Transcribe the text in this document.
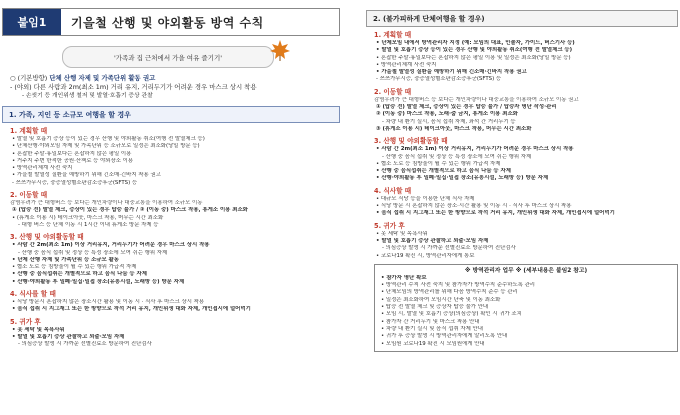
붙임1	기을철 산행 및 야외활동 방역 수칙
'가족과 집 근처에서 가을 여유 즐기기'
○ (기본방향) 단체 산행 자제 및 가족단위 활동 권고
- (야외) 다른 사람과 2m(최소 1m) 거리 유지, 거리두기가 어려운 경우 마스크 상시 착용
- 손씻기 등 개인위생 철저 및 발열·호흡기 증상 관찰
1. 가족, 지인 등 소규모 여행을 할 경우
1. 계획할 때
• 발열 및 호흡기 증상 등이 있는 경우 산행 및 야외활동 취소(여행 전 발열체크 등)
• 단체산행·야외모임 자제 및 가족단위 등 소규모로 일정은 최소화(당일 방문 등)
• 혼잡한 주말·휴일보다는 혼잡하지 않은 평일 이용
• 거주지 주변 한적한 공원·산책로 등 야외장소 이용
• 방역관리체계 사전 숙지
• 가을철 발열성 질환을 예방하기 위해 긴소매·긴바지 착용 권고
- 쯔쯔가무시증, 중증열성혈소판감소증후군(SFTS) 등
2. 이동할 때
감염우려가 큰 대형버스 등 보다는 개인차량이나 대중교통을 이용하여 소규모 이동
① (탑승 전) 발열 체크, 증상이 있는 경우 탑승 불가 / ② (이동 중) 마스크 착용, 휴게소 이용 최소화
• (휴게소 이용 시) 테이크아웃, 마스크 착용, 머무는 시간 최소화
- 대형 버스 등 단체 이동 시 1시간 이내 휴게소 방문 자제 등
3. 산행 및 야외활동할 때
• 사람 간 2m(최소 1m) 이상 거리유지, 거리두기가 어려운 경우 마스크 상시 착용
- 산행 중 음식 섭취 및 정상 등 특정 장소에 모여 쉬는 행위 자제
• 단체 산행 자제 및 가족단위 등 소규모 활동
• 협소 도로 등 침방울이 튈 수 있는 행위 가급적 자제
• 산행 중 음식섭취는 개별적으로 하고 음식 나눔 등 자제
• 산행·야외활동 후 밀폐·밀집·밀접 장소(유흥시설, 노래방 등) 방문 자제
4. 식사를 할 때
• 식당 방문시 혼잡하지 않은 장소시간 활용 및 이동 시 · 식사 후 마스크 상시 착용
• 음식 섭취 시 지그재그 또는 한 방향으로 착석 거리 유지, 개인위생 대화 자제, 개인접시에 덜어먹기
5. 귀가 후
• 옷 세탁 및 목욕사워
• 발열 및 호흡기 증상 관찰하고 외출·모임 자제
- 의심증상 발생 시 가까운 선별진료소 방문하여 진단검사
2. (불가피하게 단체여행을 할 경우)
1. 계획할 때
• 단체모임 내에서 방역관리자 지정 (예: 모임의 대표, 인솔자, 가이드, 버스기사 등)
• 발열 및 호흡기 증상 등이 있는 경우 산행 및 야외활동 취소(여행 전 발열체크 등)
• 혼잡한 주말·휴일보다는 혼잡하지 않은 평일 이용 및 일정은 최소화(당일 방문 등)
• 방역관리체계 사전 숙지
• 가을철 발열성 질환을 예방하기 위해 긴소매·긴바지 착용 권고
- 쯔쯔가무시증, 중증열성혈소판감소증후군(SFTS) 등
2. 이동할 때
감염우려가 큰 대형버스 등 보다는 개인차량이나 대중교통을 이용하여 소규모 이동 권고
① (탑승 전) 발열 체크, 증상이 있는 경우 탑승 불가 / 탑승자 명단 작성·관리
② (이동 중) 마스크 착용, 노래·춤 금지, 휴게소 이용 최소화
- 차량 내 환기 실시, 음식 섭취 자제, 좌석 간 거리두기 등
③ (휴게소 이용 시) 테이크아웃, 마스크 착용, 머무는 시간 최소화
3. 산행 및 야외활동할 때
• 사람 간 2m(최소 1m) 이상 거리유지, 거리두기가 어려운 경우 마스크 상시 착용
- 산행 중 음식 섭취 및 정상 등 특정 장소에 모여 쉬는 행위 자제
• 협소 도로 등 침방울이 튈 수 있는 행위 가급적 자제
• 산행 중 음식섭취는 개별적으로 하고 음식 나눔 등 자제
• 산행·야외활동 후 밀폐·밀집·밀접 장소(유흥시설, 노래방 등) 방문 자제
4. 식사할 때
• 대규모 식당 등을 이용한 단체 식사 자제
• 식당 방문 시 혼잡하지 않은 장소·시간 활용 및 이동 시 · 식사 후 마스크 상시 착용
• 음식 섭취 시 지그재그 또는 한 방향으로 착석 거리 유지, 개인위생 대화 자제, 개인접시에 덜어먹기
5. 귀가 후
• 옷 세탁 및 목욕사워
• 발열 및 호흡기 증상 관찰하고 외출·모임 자제
- 의심증상 발생 시 가까운 선별진료소 방문하여 진단검사
• 코로나19 확진 시, 방역관리자에게 통보
※ 방역관리자 업무 ※ (세부내용은 붙임2 참고)
• 참가자 명단 확보
• 방역관리 수칙 사전 숙지 및 참가자가 방역수칙 준수하도록 관리
• 단체모임의 방역관리를 위해 다음 방역수칙 준수 등 관리
• 일정은 최소화하여 모임시간 단축 및 이동 최소화
• 탑승 전 발열 체크 및 증상자 탑승 불가 안내
• 모임 시, 발열 및 호흡기 증상(의심증상) 확인 시 귀가 조치
• 참가자 간 거리두기 및 마스크 착용 안내
• 차량 내 환기 실시 및 음식 섭취 자제 안내
• 귀가 후 증상 발생 시 방역관리자에게 알리도록 안내
• 모임원 코로나19 확진 시 모임원에게 안내
